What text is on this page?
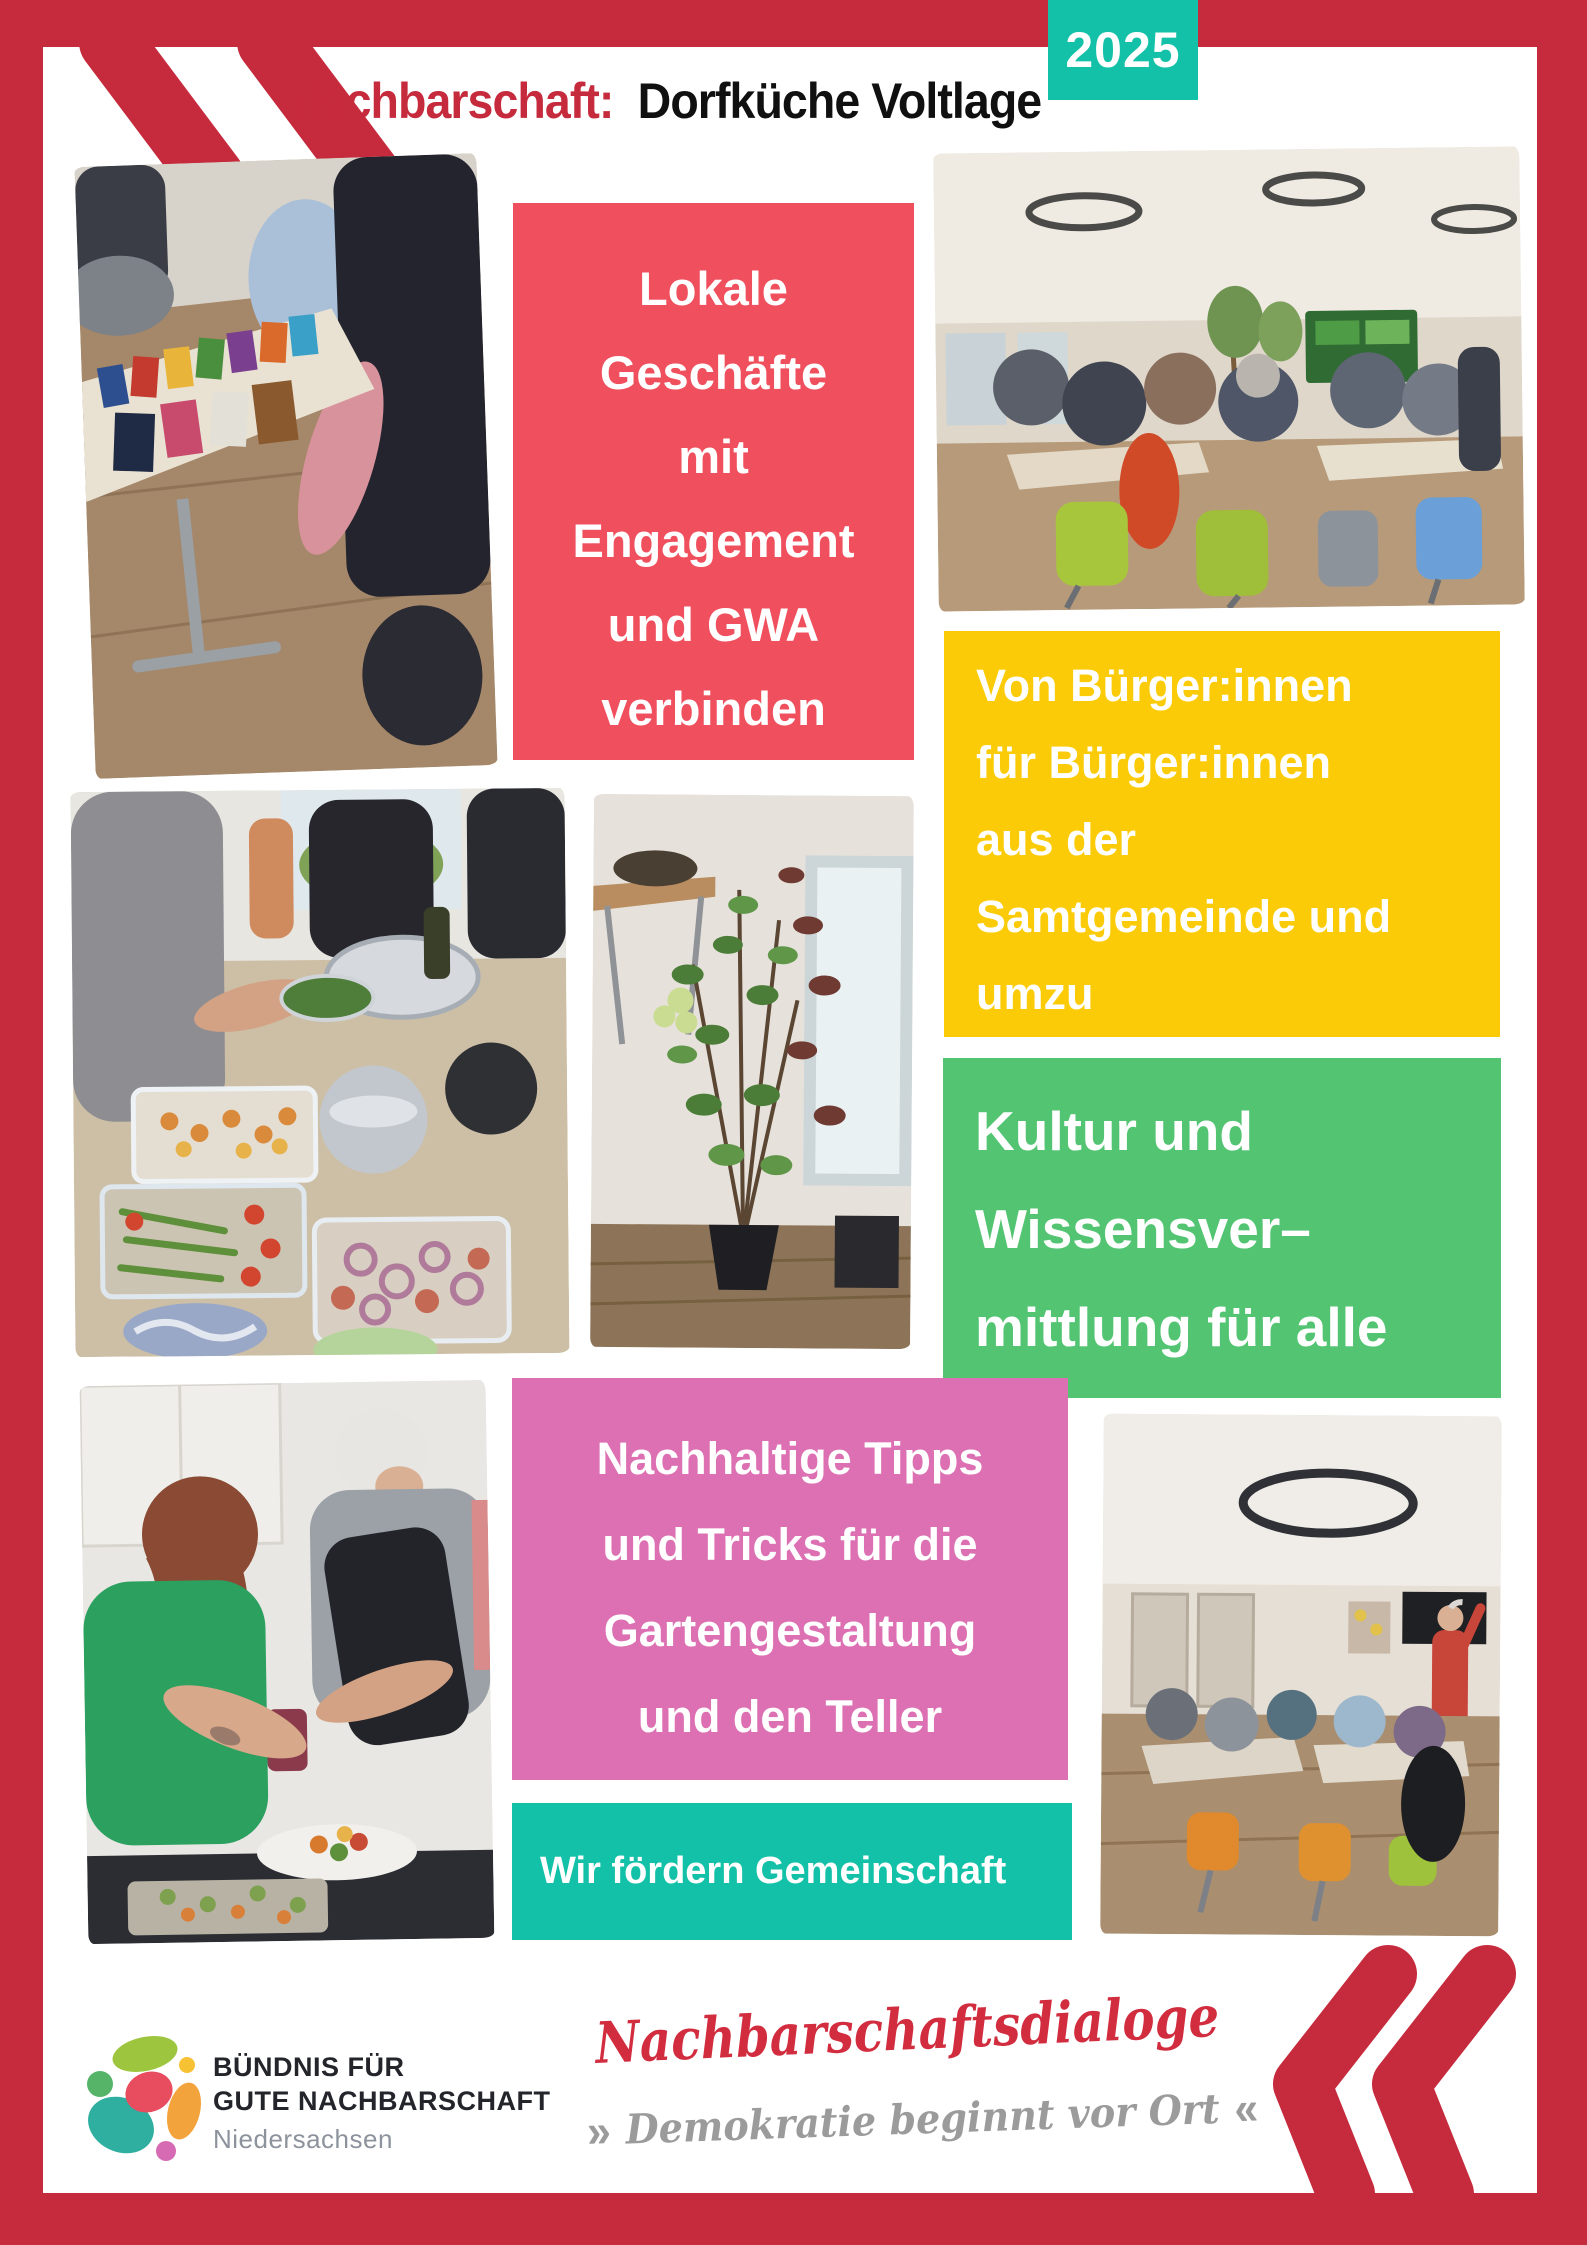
2025
Nachbarschaft: Dorfküche Voltlage
Lokale
Geschäfte
mit
Engagement
und GWA
verbinden	Von Bürger:innen
für Bürger:innen
aus der
Samtgemeinde und
umzu
Kultur und
Wissensver–
mittlung für alle
Nachhaltige Tipps
und Tricks für die
Gartengestaltung
und den Teller
Wir fördern Gemeinschaft
BÜNDNIS FÜR
GUTE NACHBARSCHAFT
Niedersachsen
Nachbarschaftsdialoge
» Demokratie beginnt vor Ort «
